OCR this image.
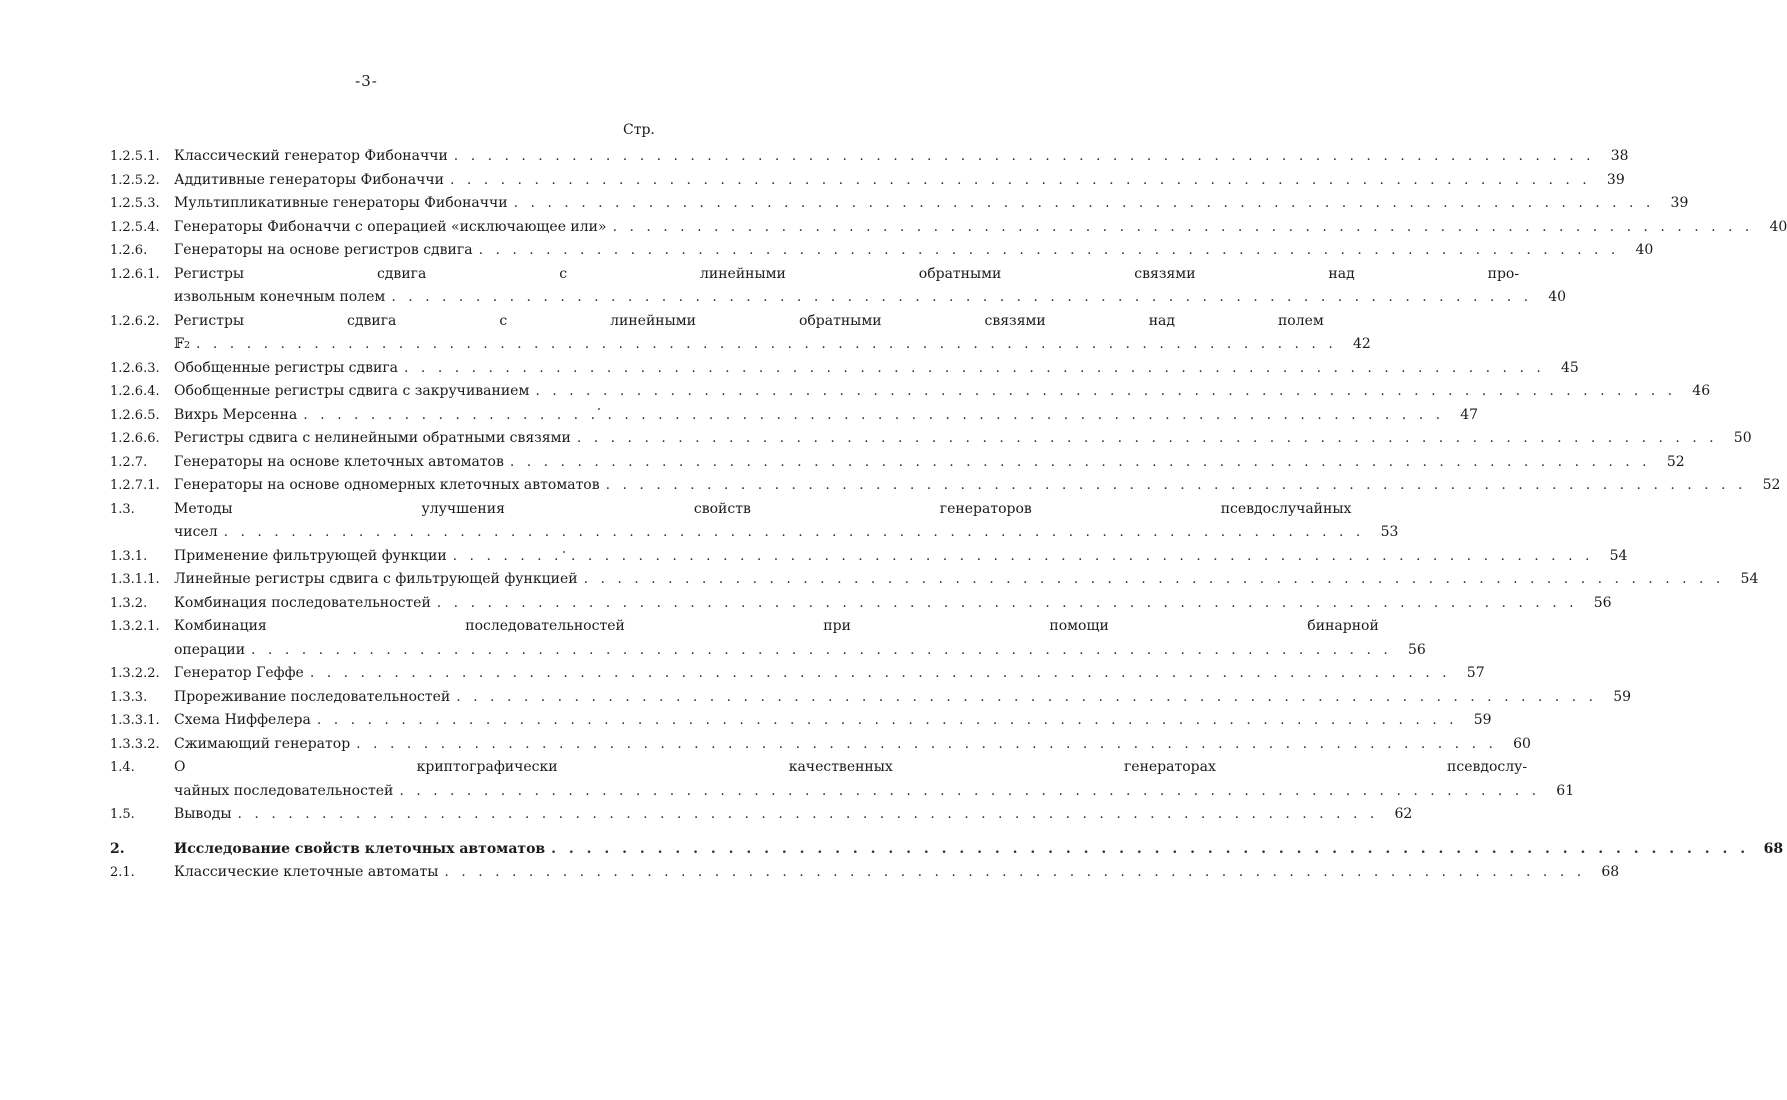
-3-
Стр.
1.2.5.1.	Классический генератор Фибоначчи . . .	38
1.2.5.2.	Аддитивные генераторы Фибоначчи . . .	39
1.2.5.3.	Мультипликативные генераторы Фибоначчи . . .	39
1.2.5.4.	Генераторы Фибоначчи с операцией «исключающее или» . . .	40
1.2.6.	Генераторы на основе регистров сдвига . . .	40
1.2.6.1.	Регистры сдвига с линейными обратными связями над про-
извольным конечным полем . . .	40
1.2.6.2.	Регистры сдвига с линейными обратными связями над полем
𝔽 2 . . .	42
1.2.6.3.	Обобщенные регистры сдвига . . .	45
1.2.6.4.	Обобщенные регистры сдвига с закручиванием . . .	46
1.2.6.5.	Вихрь Мерсенна . . .	47
1.2.6.6.	Регистры сдвига с нелинейными обратными связями . . .	50
1.2.7.	Генераторы на основе клеточных автоматов . . .	52
1.2.7.1.	Генераторы на основе одномерных клеточных автоматов . . .	52
1.3.	Методы улучшения свойств генераторов псевдослучайных
чисел . . .	53
1.3.1.	Применение фильтрующей функции . . .	54
1.3.1.1.	Линейные регистры сдвига с фильтрующей функцией . . .	54
1.3.2.	Комбинация последовательностей . . .	56
1.3.2.1.	Комбинация последовательностей при помощи бинарной
операции . . .	56
1.3.2.2.	Генератор Геффе . . .	57
1.3.3.	Прореживание последовательностей . . .	59
1.3.3.1.	Схема Ниффелера . . .	59
1.3.3.2.	Сжимающий генератор . . .	60
1.4.	О криптографически качественных генераторах псевдослу-
чайных последовательностей . . .	61
1.5.	Выводы . . .	62
2.	Исследование свойств клеточных автоматов . . .	68
2.1.	Классические клеточные автоматы . . .	68
